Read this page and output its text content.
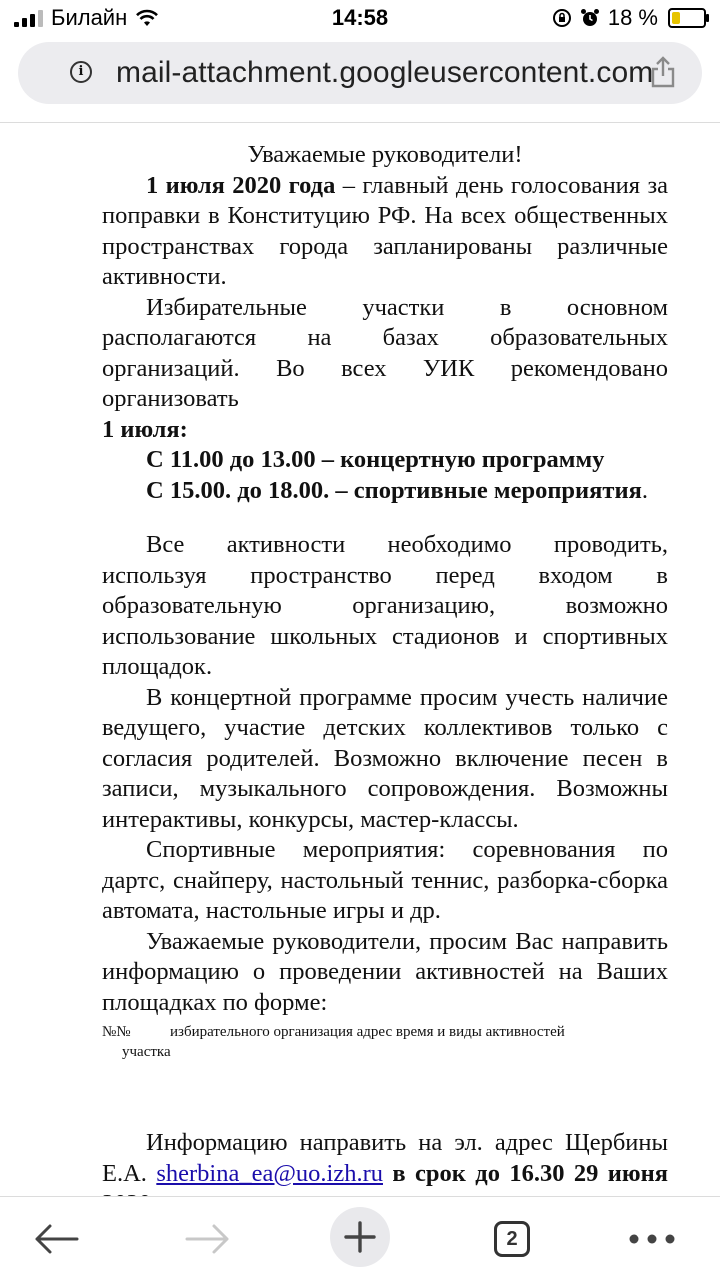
Билайн	14:58	18 %
i mail-attachment.googleusercontent.com

Уважаемые руководители!

1 июля 2020 года – главный день голосования за поправки в Конституцию РФ. На всех общественных пространствах города запланированы различные активности.

Избирательные участки в основном располагаются на базах образовательных организаций. Во всех УИК рекомендовано организовать

1 июля:

С 11.00 до 13.00 – концертную программу

С 15.00. до 18.00. – спортивные мероприятия.

Все активности необходимо проводить, используя пространство перед входом в образовательную организацию, возможно использование школьных стадионов и спортивных площадок.

В концертной программе просим учесть наличие ведущего, участие детских коллективов только с согласия родителей. Возможно включение песен в записи, музыкального сопровождения. Возможны интерактивы, конкурсы, мастер-классы.

Спортивные мероприятия: соревнования по дартс, снайперу, настольный теннис, разборка-сборка автомата, настольные игры и др.

Уважаемые руководители, просим Вас направить информацию о проведении активностей на Ваших площадках по форме:

№№	избирательного организация адрес время и виды активностей
участка

Информацию направить на эл. адрес Щербины Е.А. sherbina_ea@uo.izh.ru в срок до 16.30 29 июня

2
